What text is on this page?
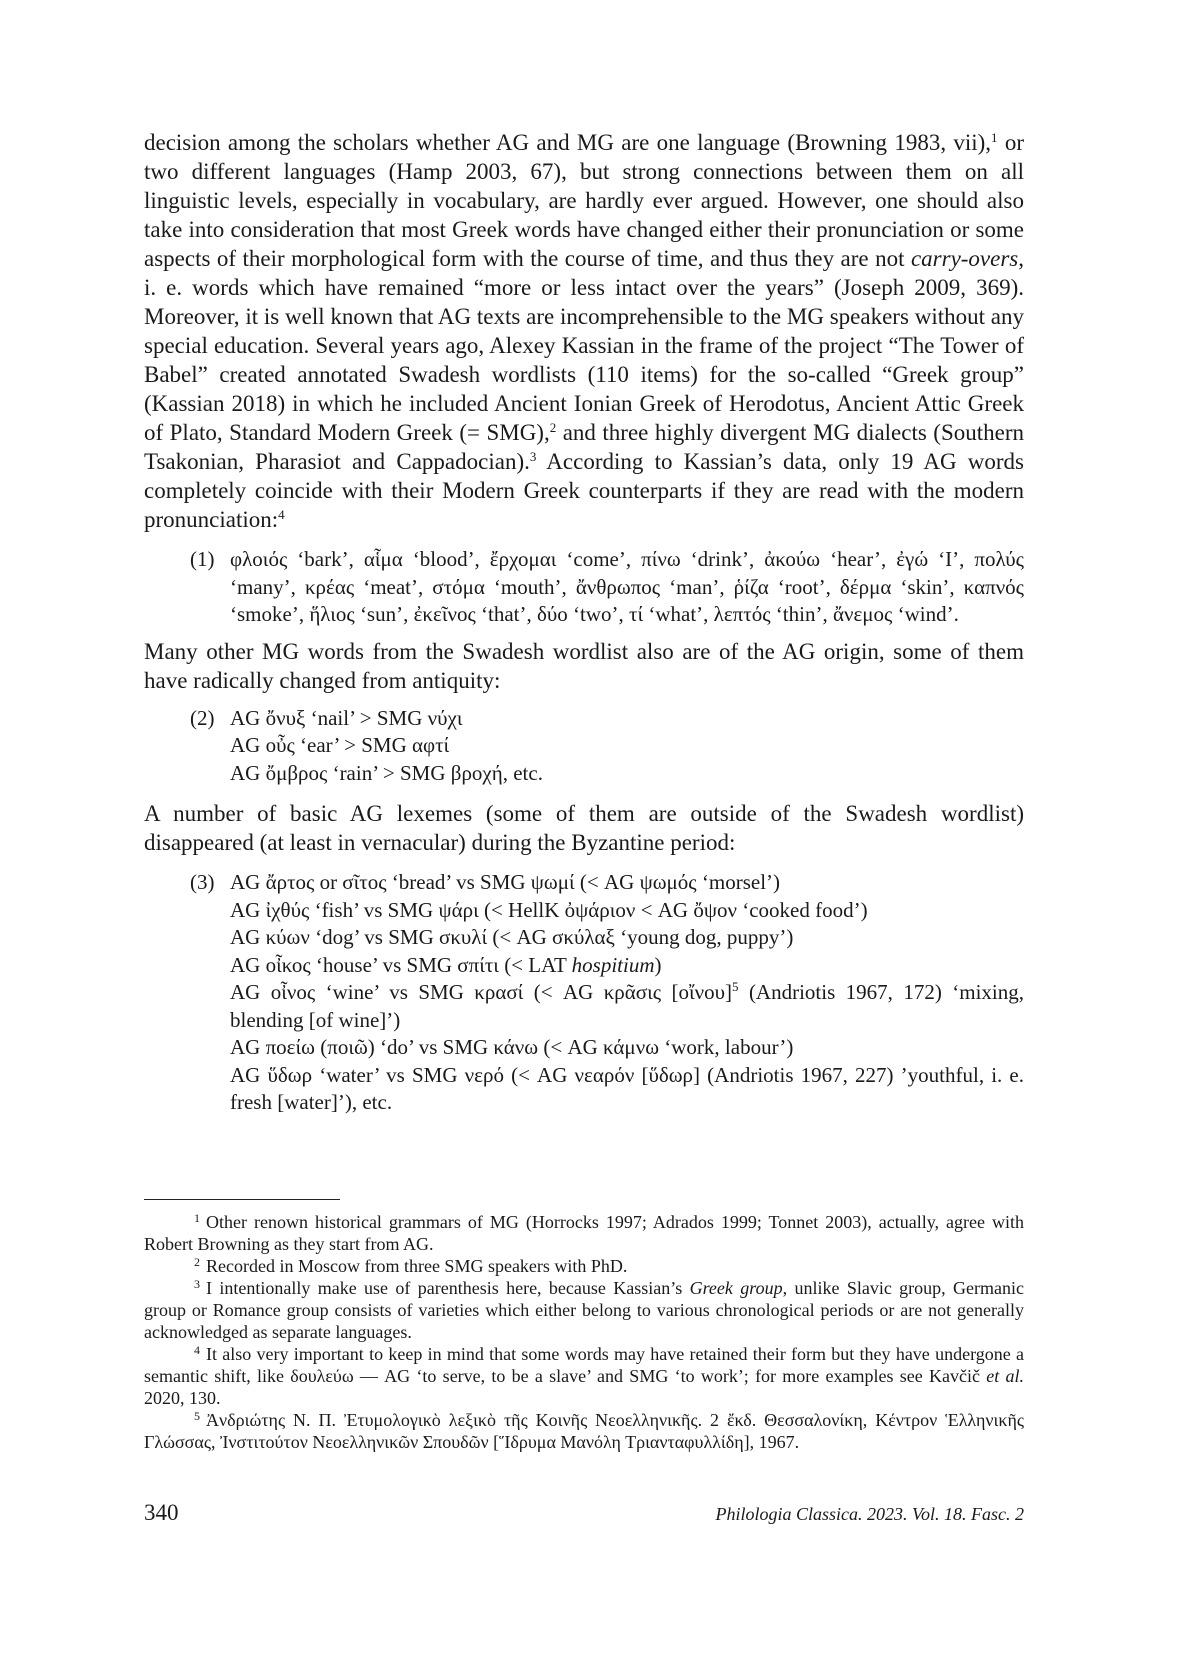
decision among the scholars whether AG and MG are one language (Browning 1983, vii),$^1$ or two different languages (Hamp 2003, 67), but strong connections between them on all linguistic levels, especially in vocabulary, are hardly ever argued. However, one should also take into consideration that most Greek words have changed either their pronunciation or some aspects of their morphological form with the course of time, and thus they are not carry-overs, i. e. words which have remained “more or less intact over the years” (Joseph 2009, 369). Moreover, it is well known that AG texts are incomprehensible to the MG speakers without any special education. Several years ago, Alexey Kassian in the frame of the project “The Tower of Babel” created annotated Swadesh wordlists (110 items) for the so-called “Greek group” (Kassian 2018) in which he included Ancient Ionian Greek of Herodotus, Ancient Attic Greek of Plato, Standard Modern Greek (= SMG),$^2$ and three highly divergent MG dialects (Southern Tsakonian, Pharasiot and Cappadocian).$^3$ According to Kassian’s data, only 19 AG words completely coincide with their Modern Greek counterparts if they are read with the modern pronunciation:$^4$

(1) φλοιός ‘bark’, αἷμα ‘blood’, ἔρχομαι ‘come’, πίνω ‘drink’, ἀκούω ‘hear’, ἐγώ ‘I’, πολύς ‘many’, κρέας ‘meat’, στόμα ‘mouth’, ἄνθρωπος ‘man’, ῥίζα ‘root’, δέρμα ‘skin’, καπνός ‘smoke’, ἥλιος ‘sun’, ἐκεῖνος ‘that’, δύο ‘two’, τί ‘what’, λεπτός ‘thin’, ἄνεμος ‘wind’.

Many other MG words from the Swadesh wordlist also are of the AG origin, some of them have radically changed from antiquity:

(2) AG ὄνυξ ‘nail’ > SMG νύχι
AG οὖς ‘ear’ > SMG αφτί
AG ὄμβρος ‘rain’ > SMG βροχή, etc.

A number of basic AG lexemes (some of them are outside of the Swadesh wordlist) disappeared (at least in vernacular) during the Byzantine period:

(3) AG ἄρτος or σῖτος ‘bread’ vs SMG ψωμί (< AG ψωμός ‘morsel’)
AG ἰχθύς ‘fish’ vs SMG ψάρι (< HellK ὀψάριον < AG ὄψον ‘cooked food’)
AG κύων ‘dog’ vs SMG σκυλί (< AG σκύλαξ ‘young dog, puppy’)
AG οἶκος ‘house’ vs SMG σπίτι (< LAT hospitium)
AG οἶνος ‘wine’ vs SMG κρασί (< AG κρᾶσις [οἴνου]$^5$ (Andriotis 1967, 172) ‘mixing, blending [of wine]’)
AG ποείω (ποιῶ) ‘do’ vs SMG κάνω (< AG κάμνω ‘work, labour’)
AG ὕδωρ ‘water’ vs SMG νερό (< AG νεαρόν [ὕδωρ] (Andriotis 1967, 227) ’youthful, i. e. fresh [water]’), etc.

$^1$ Other renown historical grammars of MG (Horrocks 1997; Adrados 1999; Tonnet 2003), actually, agree with Robert Browning as they start from AG.

$^2$ Recorded in Moscow from three SMG speakers with PhD.

$^3$ I intentionally make use of parenthesis here, because Kassian’s Greek group, unlike Slavic group, Germanic group or Romance group consists of varieties which either belong to various chronological periods or are not generally acknowledged as separate languages.

$^4$ It also very important to keep in mind that some words may have retained their form but they have undergone a semantic shift, like δουλεύω — AG ‘to serve, to be a slave’ and SMG ‘to work’; for more examples see Kavčič et al. 2020, 130.

$^5$ Ἀνδριώτης Ν. Π. Ἐτυμολογικὸ λεξικὸ τῆς Κοινῆς Νεοελληνικῆς. 2 ἔκδ. Θεσσαλονίκη, Κέντρον Ἑλληνικῆς Γλώσσας, Ἰνστιτούτον Νεοελληνικῶν Σπουδῶν [Ἵδρυμα Μανόλη Τριανταφυλλίδη], 1967.

340	Philologia Classica. 2023. Vol. 18. Fasc. 2
